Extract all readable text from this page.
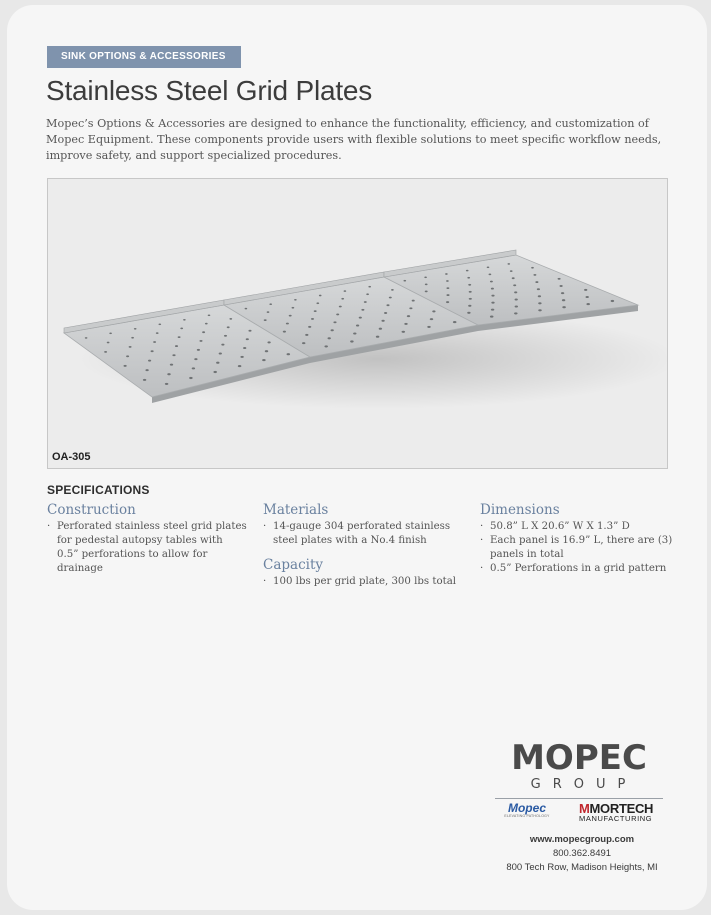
SINK OPTIONS & ACCESSORIES
Stainless Steel Grid Plates

Mopec’s Options & Accessories are designed to enhance the functionality, efficiency, and customization of Mopec Equipment. These components provide users with flexible solutions to meet specific workflow needs, improve safety, and support specialized procedures.

OA-305
SPECIFICATIONS
Construction
· Perforated stainless steel grid plates for pedestal autopsy tables with 0.5” perforations to allow for drainage
Materials
· 14-gauge 304 perforated stainless steel plates with a No.4 finish
Capacity
· 100 lbs per grid plate, 300 lbs total
Dimensions
· 50.8” L X 20.6” W X 1.3” D
· Each panel is 16.9” L, there are (3) panels in total
· 0.5” Perforations in a grid pattern
MOPEC
GROUP
Mopec
ELEVATING PATHOLOGY	MMORTECH
MANUFACTURING
www.mopecgroup.com
800.362.8491
800 Tech Row, Madison Heights, MI
